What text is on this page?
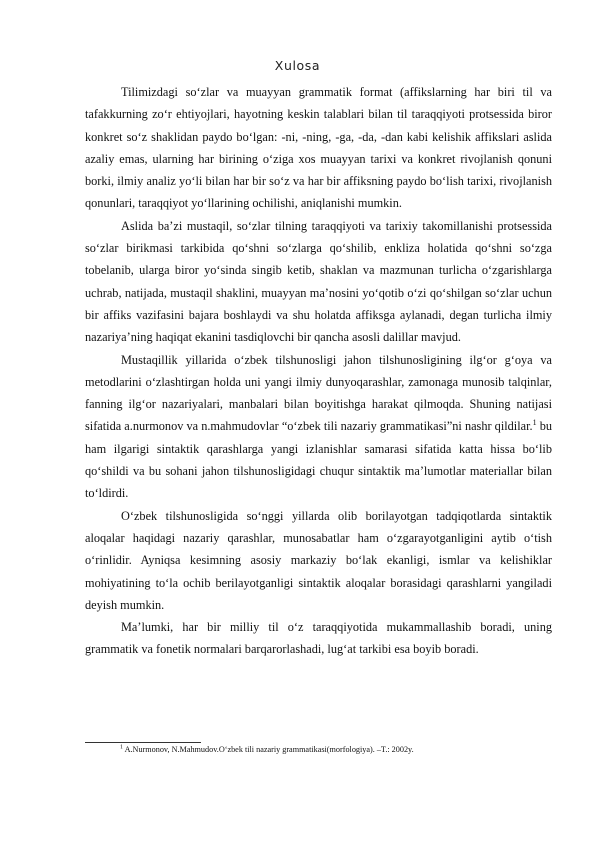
Xulosa

Tilimizdagi so‘zlar va muayyan grammatik format (affikslarning har biri til va tafakkurning zo‘r ehtiyojlari, hayotning keskin talablari bilan til taraqqiyoti protsessida biror konkret so‘z shaklidan paydo bo‘lgan: -ni, -ning, -ga, -da, -dan kabi kelishik affikslari aslida azaliy emas, ularning har birining o‘ziga xos muayyan tarixi va konkret rivojlanish qonuni borki, ilmiy analiz yo‘li bilan har bir so‘z va har bir affiksning paydo bo‘lish tarixi, rivojlanish qonunlari, taraqqiyot yo‘llarining ochilishi, aniqlanishi mumkin.

Aslida ba’zi mustaqil, so‘zlar tilning taraqqiyoti va tarixiy takomillanishi protsessida so‘zlar birikmasi tarkibida qo‘shni so‘zlarga qo‘shilib, enkliza holatida qo‘shni so‘zga tobelanib, ularga biror yo‘sinda singib ketib, shaklan va mazmunan turlicha o‘zgarishlarga uchrab, natijada, mustaqil shaklini, muayyan ma’nosini yo‘qotib o‘zi qo‘shilgan so‘zlar uchun bir affiks vazifasini bajara boshlaydi va shu holatda affiksga aylanadi, degan turlicha ilmiy nazariya’ning haqiqat ekanini tasdiqlovchi bir qancha asosli dalillar mavjud.

Mustaqillik yillarida o‘zbek tilshunosligi jahon tilshunosligining ilg‘or g‘oya va metodlarini o‘zlashtirgan holda uni yangi ilmiy dunyoqarashlar, zamonaga munosib talqinlar, fanning ilg‘or nazariyalari, manbalari bilan boyitishga harakat qilmoqda. Shuning natijasi sifatida a.nurmonov va n.mahmudovlar “o‘zbek tili nazariy grammatikasi”ni nashr qildilar.$^1$ bu ham ilgarigi sintaktik qarashlarga yangi izlanishlar samarasi sifatida katta hissa bo‘lib qo‘shildi va bu sohani jahon tilshunosligidagi chuqur sintaktik ma’lumotlar materiallar bilan to‘ldirdi.

O‘zbek tilshunosligida so‘nggi yillarda olib borilayotgan tadqiqotlarda sintaktik aloqalar haqidagi nazariy qarashlar, munosabatlar ham o‘zgarayotganligini aytib o‘tish o‘rinlidir. Ayniqsa kesimning asosiy markaziy bo‘lak ekanligi, ismlar va kelishiklar mohiyatining to‘la ochib berilayotganligi sintaktik aloqalar borasidagi qarashlarni yangiladi deyish mumkin.

Ma’lumki, har bir milliy til o‘z taraqqiyotida mukammallashib boradi, uning grammatik va fonetik normalari barqarorlashadi, lug‘at tarkibi esa boyib boradi.

$^1$ A.Nurmonov, N.Mahmudov.O‘zbek tili nazariy grammatikasi(morfologiya). –T.: 2002y.
